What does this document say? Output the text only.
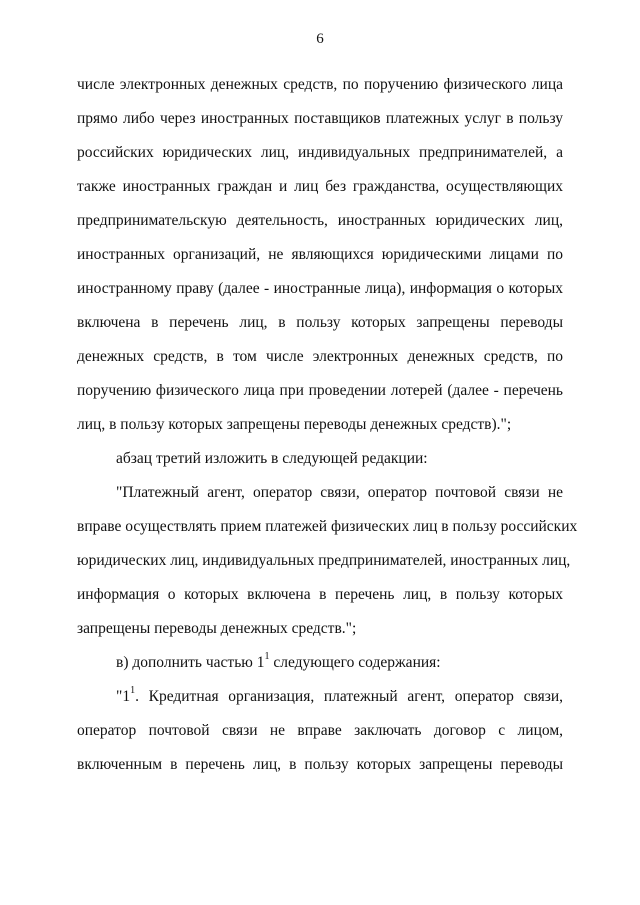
6
числе электронных денежных средств, по поручению физического лица
прямо либо через иностранных поставщиков платежных услуг в пользу
российских юридических лиц, индивидуальных предпринимателей, а
также иностранных граждан и лиц без гражданства, осуществляющих
предпринимательскую деятельность, иностранных юридических лиц,
иностранных организаций, не являющихся юридическими лицами по
иностранному праву (далее - иностранные лица), информация о которых
включена в перечень лиц, в пользу которых запрещены переводы
денежных средств, в том числе электронных денежных средств, по
поручению физического лица при проведении лотерей (далее - перечень
лиц, в пользу которых запрещены переводы денежных средств).";
абзац третий изложить в следующей редакции:
"Платежный агент, оператор связи, оператор почтовой связи не
вправе осуществлять прием платежей физических лиц в пользу российских
юридических лиц, индивидуальных предпринимателей, иностранных лиц,
информация о которых включена в перечень лиц, в пользу которых
запрещены переводы денежных средств.";
в) дополнить частью $1^1$ следующего содержания:
"$1^1$. Кредитная организация, платежный агент, оператор связи,
оператор почтовой связи не вправе заключать договор с лицом,
включенным в перечень лиц, в пользу которых запрещены переводы
